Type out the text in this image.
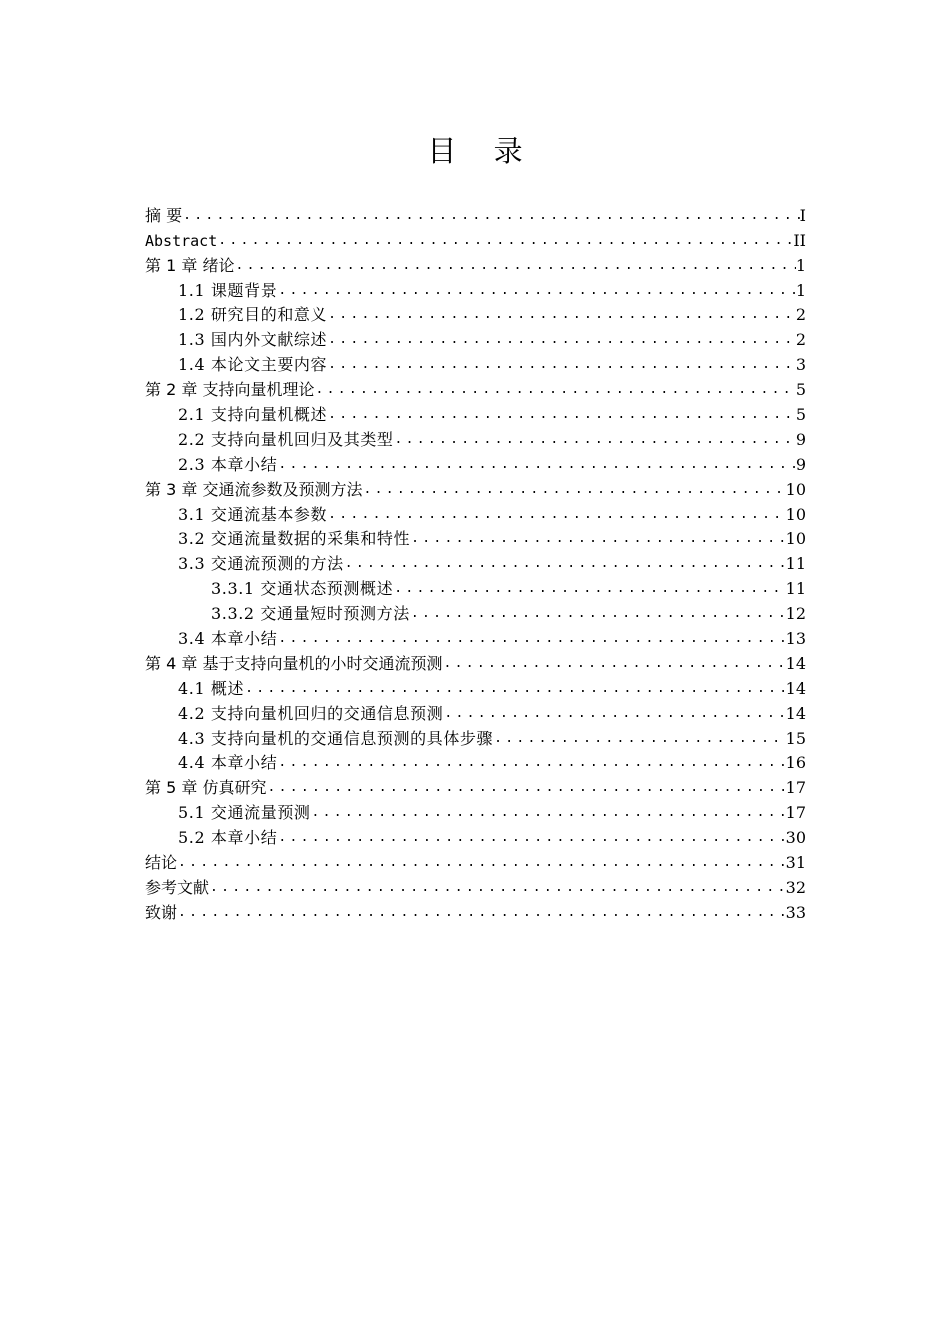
目 录
摘 要 .....	I
Abstract .....	II
第 1 章 绪论 .....	1
1.1 课题背景 .....	1
1.2 研究目的和意义 .....	2
1.3 国内外文献综述 .....	2
1.4 本论文主要内容 .....	3
第 2 章 支持向量机理论 .....	5
2.1 支持向量机概述 .....	5
2.2 支持向量机回归及其类型 .....	9
2.3 本章小结 .....	9
第 3 章 交通流参数及预测方法 .....	10
3.1 交通流基本参数 .....	10
3.2 交通流量数据的采集和特性 .....	10
3.3 交通流预测的方法 .....	11
3.3.1 交通状态预测概述 .....	11
3.3.2 交通量短时预测方法 .....	12
3.4 本章小结 .....	13
第 4 章 基于支持向量机的小时交通流预测 .....	14
4.1 概述 .....	14
4.2 支持向量机回归的交通信息预测 .....	14
4.3 支持向量机的交通信息预测的具体步骤 .....	15
4.4 本章小结 .....	16
第 5 章 仿真研究 .....	17
5.1 交通流量预测 .....	17
5.2 本章小结 .....	30
结论 .....	31
参考文献 .....	32
致谢 .....	33
